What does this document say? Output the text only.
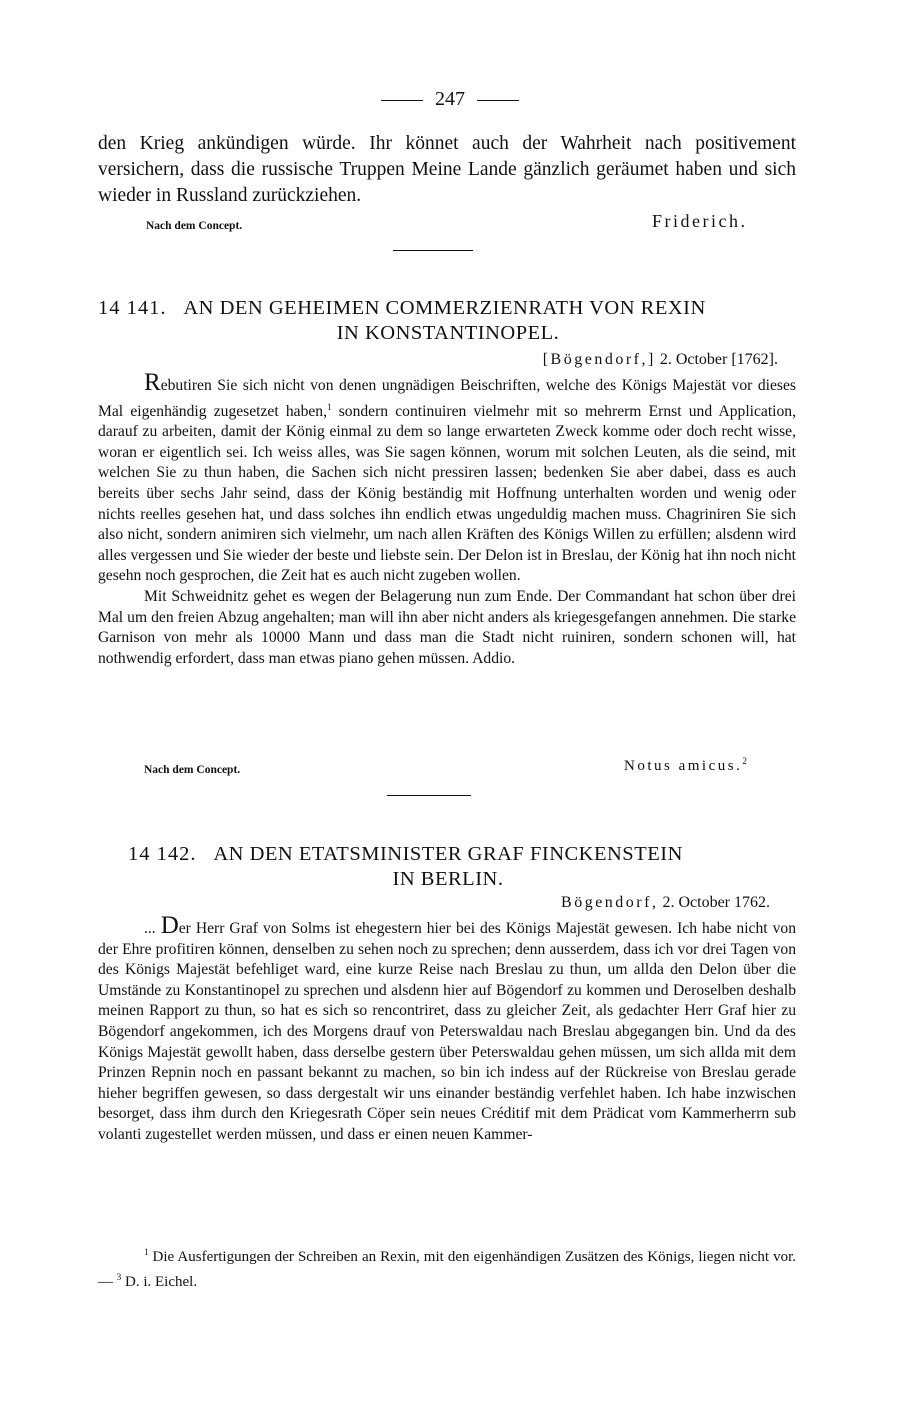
247
den Krieg ankündigen würde. Ihr könnet auch der Wahrheit nach positivement versichern, dass die russische Truppen Meine Lande gänzlich geräumet haben und sich wieder in Russland zurückziehen.
Nach dem Concept.	Friderich.
14 141. AN DEN GEHEIMEN COMMERZIENRATH VON REXIN
IN KONSTANTINOPEL.
[Bögendorf,] 2. October [1762].

Rebutiren Sie sich nicht von denen ungnädigen Beischriften, welche des Königs Majestät vor dieses Mal eigenhändig zugesetzet haben,$^1$ sondern continuiren vielmehr mit so mehrerm Ernst und Application, darauf zu arbeiten, damit der König einmal zu dem so lange erwarteten Zweck komme oder doch recht wisse, woran er eigentlich sei. Ich weiss alles, was Sie sagen können, worum mit solchen Leuten, als die seind, mit welchen Sie zu thun haben, die Sachen sich nicht pressiren lassen; bedenken Sie aber dabei, dass es auch bereits über sechs Jahr seind, dass der König beständig mit Hoffnung unterhalten worden und wenig oder nichts reelles gesehen hat, und dass solches ihn endlich etwas ungeduldig machen muss. Chagriniren Sie sich also nicht, sondern animiren sich vielmehr, um nach allen Kräften des Königs Willen zu erfüllen; alsdenn wird alles vergessen und Sie wieder der beste und liebste sein. Der Delon ist in Breslau, der König hat ihn noch nicht gesehn noch gesprochen, die Zeit hat es auch nicht zugeben wollen.

Mit Schweidnitz gehet es wegen der Belagerung nun zum Ende. Der Commandant hat schon über drei Mal um den freien Abzug angehalten; man will ihn aber nicht anders als kriegesgefangen annehmen. Die starke Garnison von mehr als 10000 Mann und dass man die Stadt nicht ruiniren, sondern schonen will, hat nothwendig erfordert, dass man etwas piano gehen müssen. Addio.

Nach dem Concept.	Notus amicus.$^2$
14 142. AN DEN ETATSMINISTER GRAF FINCKENSTEIN
IN BERLIN.
Bögendorf, 2. October 1762.

... Der Herr Graf von Solms ist ehegestern hier bei des Königs Majestät gewesen. Ich habe nicht von der Ehre profitiren können, denselben zu sehen noch zu sprechen; denn ausserdem, dass ich vor drei Tagen von des Königs Majestät befehliget ward, eine kurze Reise nach Breslau zu thun, um allda den Delon über die Umstände zu Konstantinopel zu sprechen und alsdenn hier auf Bögendorf zu kommen und Deroselben deshalb meinen Rapport zu thun, so hat es sich so rencontriret, dass zu gleicher Zeit, als gedachter Herr Graf hier zu Bögendorf angekommen, ich des Morgens drauf von Peterswaldau nach Breslau abgegangen bin. Und da des Königs Majestät gewollt haben, dass derselbe gestern über Peterswaldau gehen müssen, um sich allda mit dem Prinzen Repnin noch en passant bekannt zu machen, so bin ich indess auf der Rückreise von Breslau gerade hieher begriffen gewesen, so dass dergestalt wir uns einander beständig verfehlet haben. Ich habe inzwischen besorget, dass ihm durch den Kriegesrath Cöper sein neues Créditif mit dem Prädicat vom Kammerherrn sub volanti zugestellet werden müssen, und dass er einen neuen Kammer-

$^1$ Die Ausfertigungen der Schreiben an Rexin, mit den eigenhändigen Zusätzen des Königs, liegen nicht vor. — $^3$ D. i. Eichel.
